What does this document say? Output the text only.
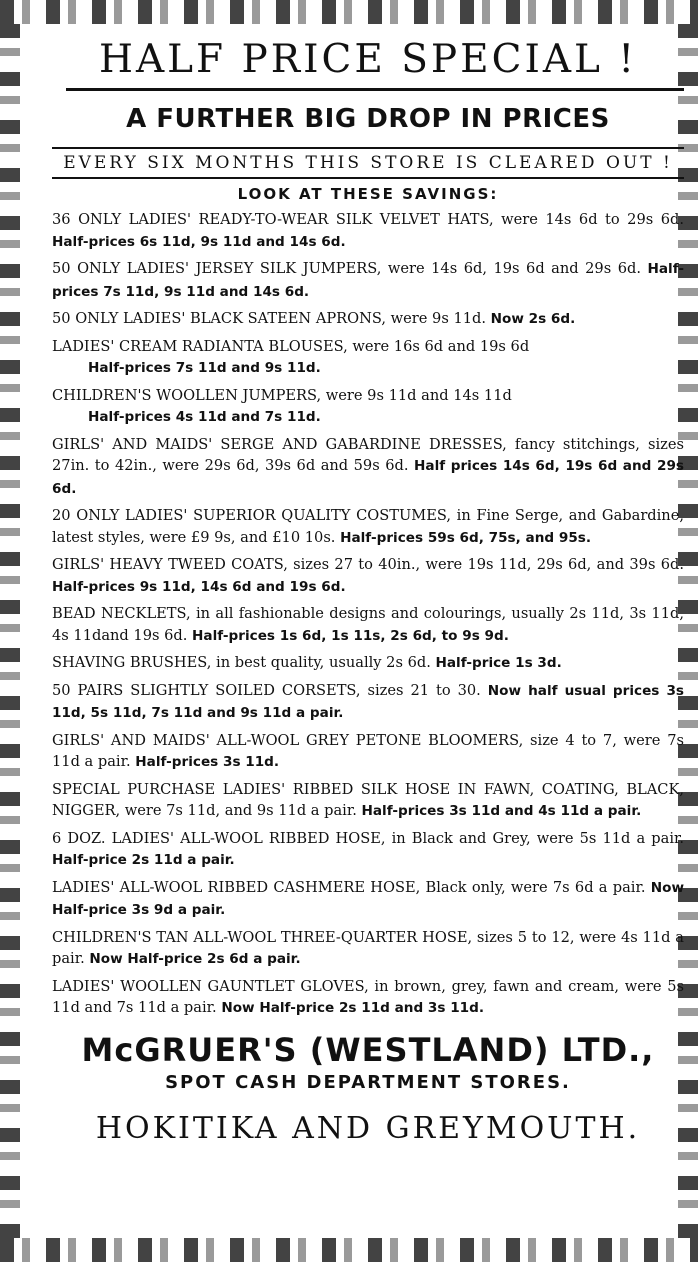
HALF PRICE SPECIAL !
A FURTHER BIG DROP IN PRICES
EVERY SIX MONTHS THIS STORE IS CLEARED OUT !
LOOK AT THESE SAVINGS:
36 ONLY LADIES' READY-TO-WEAR SILK VELVET HATS, were 14s 6d to 29s 6d. Half-prices 6s 11d, 9s 11d and 14s 6d.
50 ONLY LADIES' JERSEY SILK JUMPERS, were 14s 6d, 19s 6d and 29s 6d. Half-prices 7s 11d, 9s 11d and 14s 6d.
50 ONLY LADIES' BLACK SATEEN APRONS, were 9s 11d. Now 2s 6d.
LADIES' CREAM RADIANTA BLOUSES, were 16s 6d and 19s 6d
Half-prices 7s 11d and 9s 11d.
CHILDREN'S WOOLLEN JUMPERS, were 9s 11d and 14s 11d
Half-prices 4s 11d and 7s 11d.
GIRLS' AND MAIDS' SERGE AND GABARDINE DRESSES, fancy stitchings, sizes 27in. to 42in., were 29s 6d, 39s 6d and 59s 6d. Half prices 14s 6d, 19s 6d and 29s 6d.
20 ONLY LADIES' SUPERIOR QUALITY COSTUMES, in Fine Serge, and Gabardine, latest styles, were £9 9s, and £10 10s. Half-prices 59s 6d, 75s, and 95s.
GIRLS' HEAVY TWEED COATS, sizes 27 to 40in., were 19s 11d, 29s 6d, and 39s 6d. Half-prices 9s 11d, 14s 6d and 19s 6d.
BEAD NECKLETS, in all fashionable designs and colourings, usually 2s 11d, 3s 11d, 4s 11dand 19s 6d. Half-prices 1s 6d, 1s 11s, 2s 6d, to 9s 9d.
SHAVING BRUSHES, in best quality, usually 2s 6d. Half-price 1s 3d.
50 PAIRS SLIGHTLY SOILED CORSETS, sizes 21 to 30. Now half usual prices 3s 11d, 5s 11d, 7s 11d and 9s 11d a pair.
GIRLS' AND MAIDS' ALL-WOOL GREY PETONE BLOOMERS, size 4 to 7, were 7s 11d a pair. Half-prices 3s 11d.
SPECIAL PURCHASE LADIES' RIBBED SILK HOSE IN FAWN, COATING, BLACK, NIGGER, were 7s 11d, and 9s 11d a pair. Half-prices 3s 11d and 4s 11d a pair.
6 DOZ. LADIES' ALL-WOOL RIBBED HOSE, in Black and Grey, were 5s 11d a pair. Half-price 2s 11d a pair.
LADIES' ALL-WOOL RIBBED CASHMERE HOSE, Black only, were 7s 6d a pair. Now Half-price 3s 9d a pair.
CHILDREN'S TAN ALL-WOOL THREE-QUARTER HOSE, sizes 5 to 12, were 4s 11d a pair. Now Half-price 2s 6d a pair.
LADIES' WOOLLEN GAUNTLET GLOVES, in brown, grey, fawn and cream, were 5s 11d and 7s 11d a pair. Now Half-price 2s 11d and 3s 11d.
McGRUER'S (WESTLAND) LTD.,
SPOT CASH DEPARTMENT STORES.
HOKITIKA AND GREYMOUTH.
